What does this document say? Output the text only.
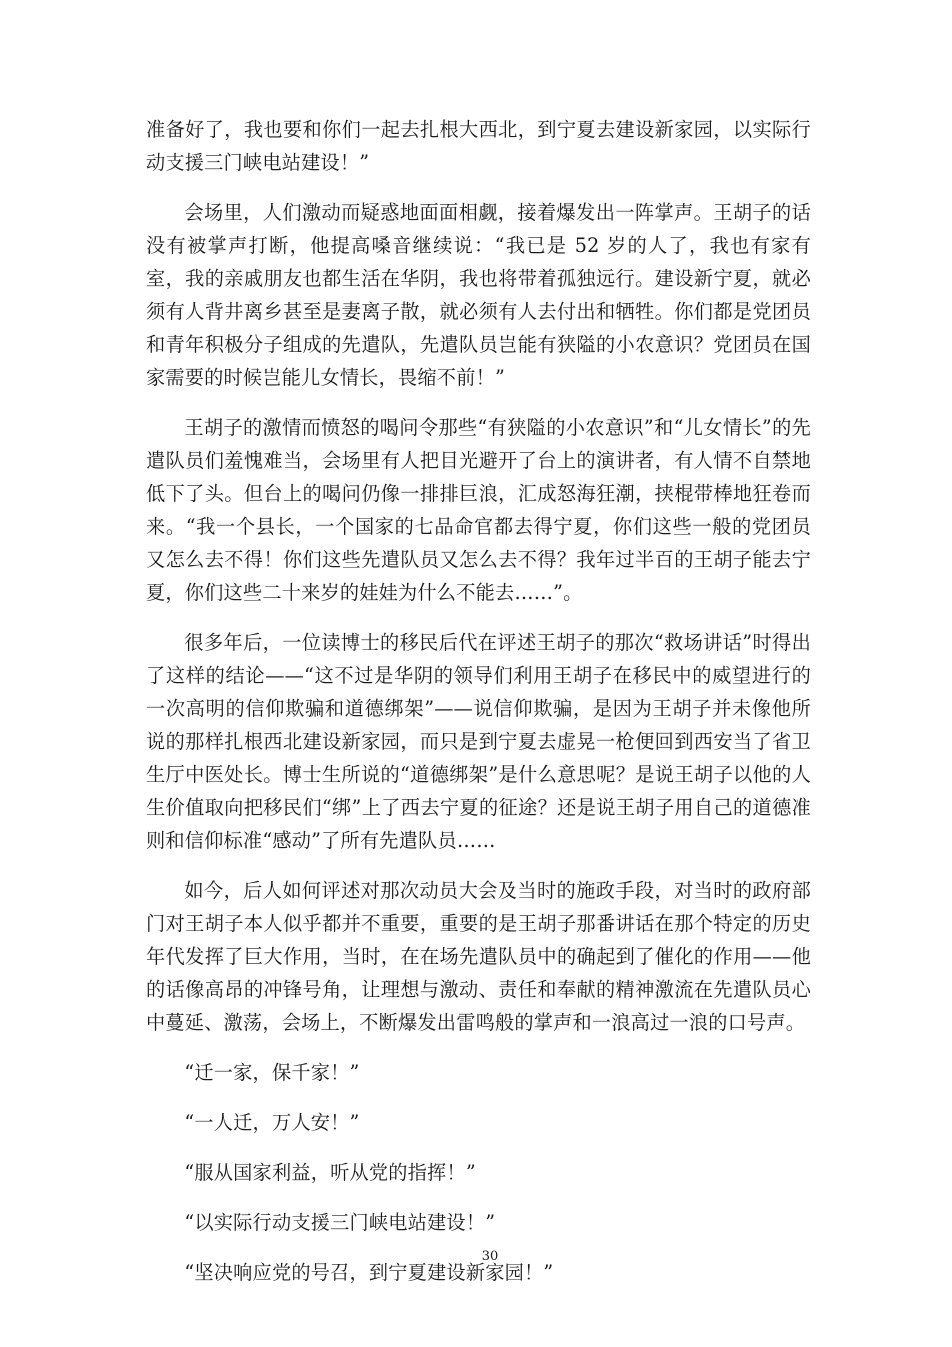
准备好了，我也要和你们一起去扎根大西北，到宁夏去建设新家园，以实际行动支援三门峡电站建设！”

会场里，人们激动而疑惑地面面相觑，接着爆发出一阵掌声。王胡子的话没有被掌声打断，他提高嗓音继续说：“我已是 52 岁的人了，我也有家有室，我的亲戚朋友也都生活在华阴，我也将带着孤独远行。建设新宁夏，就必须有人背井离乡甚至是妻离子散，就必须有人去付出和牺牲。你们都是党团员和青年积极分子组成的先遣队，先遣队员岂能有狭隘的小农意识？党团员在国家需要的时候岂能儿女情长，畏缩不前！”

王胡子的激情而愤怒的喝问令那些“有狭隘的小农意识”和“儿女情长”的先遣队员们羞愧难当，会场里有人把目光避开了台上的演讲者，有人情不自禁地低下了头。但台上的喝问仍像一排排巨浪，汇成怒海狂潮，挟棍带棒地狂卷而来。“我一个县长，一个国家的七品命官都去得宁夏，你们这些一般的党团员又怎么去不得！你们这些先遣队员又怎么去不得？我年过半百的王胡子能去宁夏，你们这些二十来岁的娃娃为什么不能去……”。

很多年后，一位读博士的移民后代在评述王胡子的那次“救场讲话”时得出了这样的结论——“这不过是华阴的领导们利用王胡子在移民中的威望进行的一次高明的信仰欺骗和道德绑架”——说信仰欺骗，是因为王胡子并未像他所说的那样扎根西北建设新家园，而只是到宁夏去虚晃一枪便回到西安当了省卫生厅中医处长。博士生所说的“道德绑架”是什么意思呢？是说王胡子以他的人生价值取向把移民们“绑”上了西去宁夏的征途？还是说王胡子用自己的道德准则和信仰标准“感动”了所有先遣队员……

如今，后人如何评述对那次动员大会及当时的施政手段，对当时的政府部门对王胡子本人似乎都并不重要，重要的是王胡子那番讲话在那个特定的历史年代发挥了巨大作用，当时，在在场先遣队员中的确起到了催化的作用——他的话像高昂的冲锋号角，让理想与激动、责任和奉献的精神激流在先遣队员心中蔓延、激荡，会场上，不断爆发出雷鸣般的掌声和一浪高过一浪的口号声。

“迁一家，保千家！”

“一人迁，万人安！”

“服从国家利益，听从党的指挥！”

“以实际行动支援三门峡电站建设！”

“坚决响应党的号召，到宁夏建设新家园！”

30
